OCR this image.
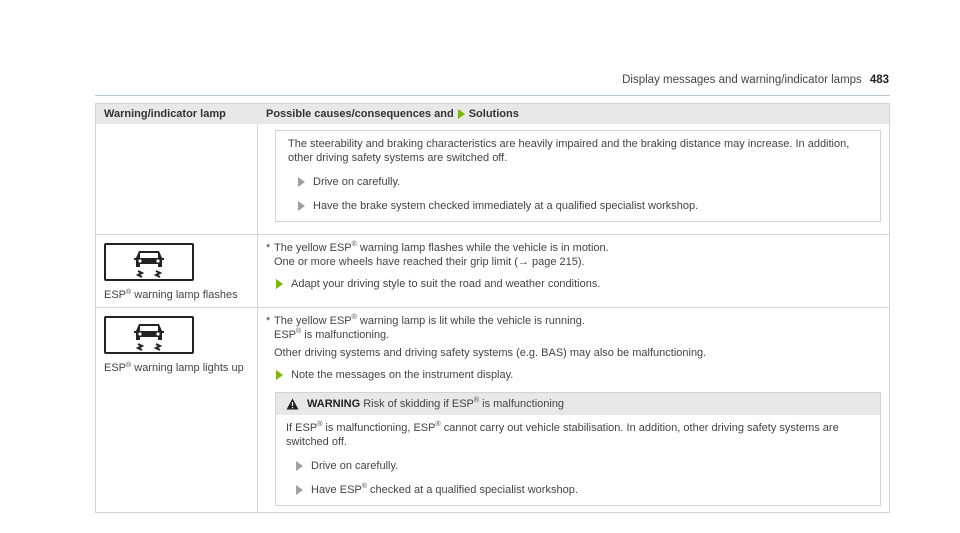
Display messages and warning/indicator lamps 483
Warning/indicator lamp	Possible causes/consequences and Solutions

The steerability and braking characteristics are heavily impaired and the braking distance may increase. In addition, other driving safety systems are switched off.

Drive on carefully.
Have the brake system checked immediately at a qualified specialist workshop.
ESP® warning lamp flashes
* The yellow ESP® warning lamp flashes while the vehicle is in motion.
One or more wheels have reached their grip limit (→ page 215).
Adapt your driving style to suit the road and weather conditions.
ESP® warning lamp lights up
* The yellow ESP® warning lamp is lit while the vehicle is running.
ESP® is malfunctioning.
Other driving systems and driving safety systems (e.g. BAS) may also be malfunctioning.
Note the messages on the instrument display.
WARNING Risk of skidding if ESP® is malfunctioning

If ESP® is malfunctioning, ESP® cannot carry out vehicle stabilisation. In addition, other driving safety systems are switched off.

Drive on carefully.
Have ESP® checked at a qualified specialist workshop.
